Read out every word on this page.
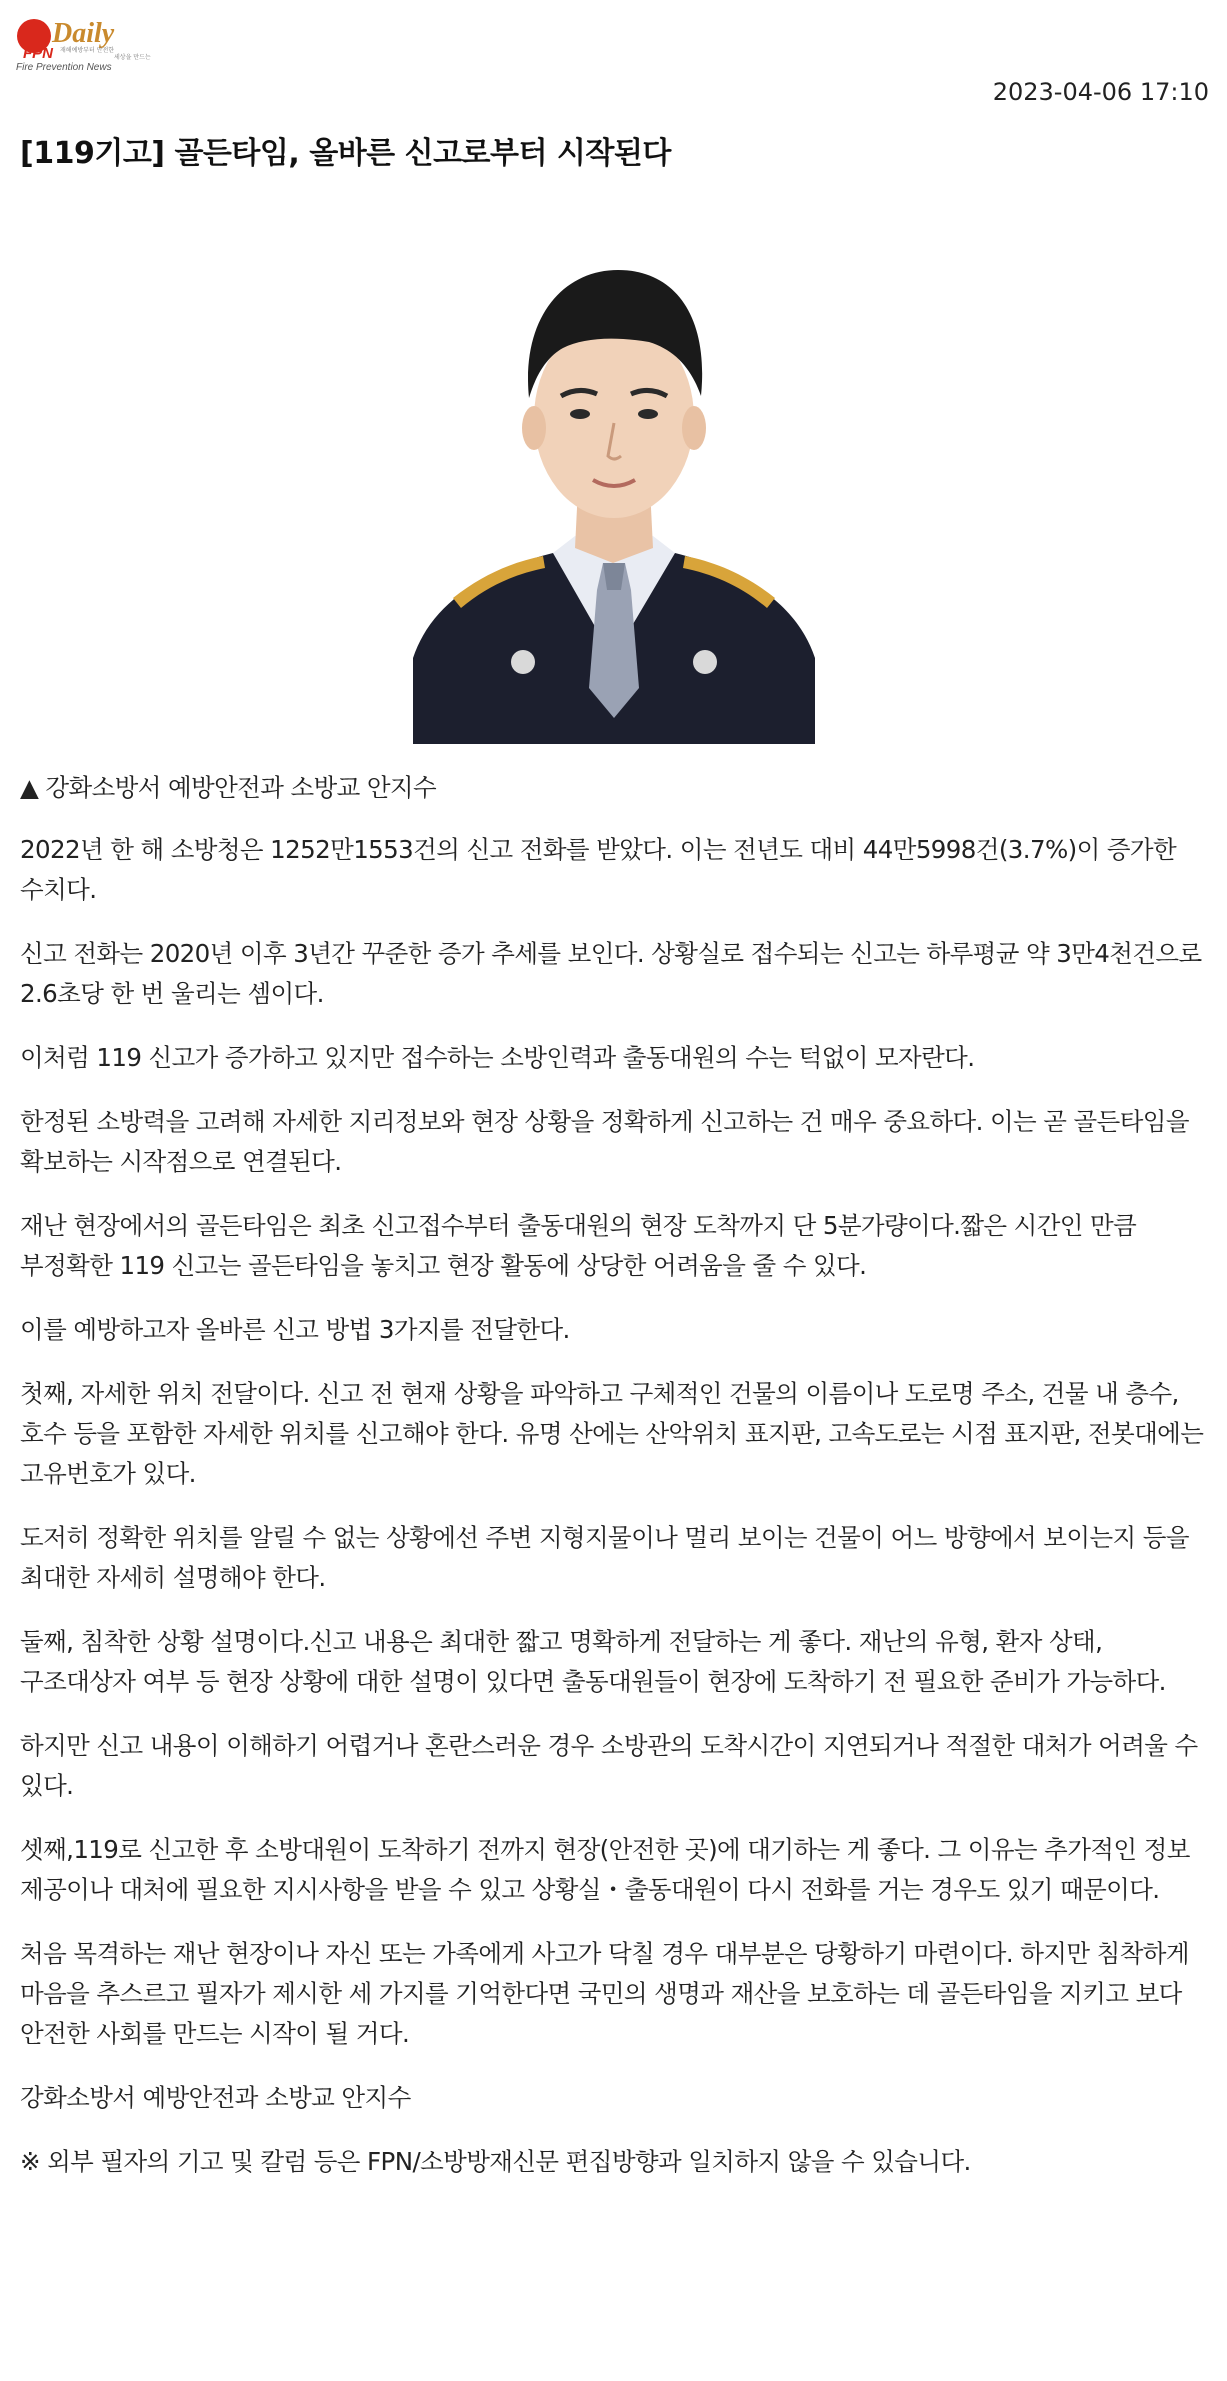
FPN
Daily
재해예방부터 안전한
세상을 만드는
Fire Prevention News
2023-04-06 17:10
[119기고] 골든타임, 올바른 신고로부터 시작된다

▲ 강화소방서 예방안전과 소방교 안지수

2022년 한 해 소방청은 1252만1553건의 신고 전화를 받았다. 이는 전년도 대비 44만5998건(3.7%)이 증가한 수치다.

신고 전화는 2020년 이후 3년간 꾸준한 증가 추세를 보인다. 상황실로 접수되는 신고는 하루평균 약 3만4천건으로 2.6초당 한 번 울리는 셈이다.

이처럼 119 신고가 증가하고 있지만 접수하는 소방인력과 출동대원의 수는 턱없이 모자란다.

한정된 소방력을 고려해 자세한 지리정보와 현장 상황을 정확하게 신고하는 건 매우 중요하다. 이는 곧 골든타임을 확보하는 시작점으로 연결된다.

재난 현장에서의 골든타임은 최초 신고접수부터 출동대원의 현장 도착까지 단 5분가량이다.짧은 시간인 만큼 부정확한 119 신고는 골든타임을 놓치고 현장 활동에 상당한 어려움을 줄 수 있다.

이를 예방하고자 올바른 신고 방법 3가지를 전달한다.

첫째, 자세한 위치 전달이다. 신고 전 현재 상황을 파악하고 구체적인 건물의 이름이나 도로명 주소, 건물 내 층수, 호수 등을 포함한 자세한 위치를 신고해야 한다. 유명 산에는 산악위치 표지판, 고속도로는 시점 표지판, 전봇대에는 고유번호가 있다.

도저히 정확한 위치를 알릴 수 없는 상황에선 주변 지형지물이나 멀리 보이는 건물이 어느 방향에서 보이는지 등을 최대한 자세히 설명해야 한다.

둘째, 침착한 상황 설명이다.신고 내용은 최대한 짧고 명확하게 전달하는 게 좋다. 재난의 유형, 환자 상태, 구조대상자 여부 등 현장 상황에 대한 설명이 있다면 출동대원들이 현장에 도착하기 전 필요한 준비가 가능하다.

하지만 신고 내용이 이해하기 어렵거나 혼란스러운 경우 소방관의 도착시간이 지연되거나 적절한 대처가 어려울 수 있다.

셋째,119로 신고한 후 소방대원이 도착하기 전까지 현장(안전한 곳)에 대기하는 게 좋다. 그 이유는 추가적인 정보 제공이나 대처에 필요한 지시사항을 받을 수 있고 상황실・출동대원이 다시 전화를 거는 경우도 있기 때문이다.

처음 목격하는 재난 현장이나 자신 또는 가족에게 사고가 닥칠 경우 대부분은 당황하기 마련이다. 하지만 침착하게 마음을 추스르고 필자가 제시한 세 가지를 기억한다면 국민의 생명과 재산을 보호하는 데 골든타임을 지키고 보다 안전한 사회를 만드는 시작이 될 거다.

강화소방서 예방안전과 소방교 안지수

※ 외부 필자의 기고 및 칼럼 등은 FPN/소방방재신문 편집방향과 일치하지 않을 수 있습니다.
